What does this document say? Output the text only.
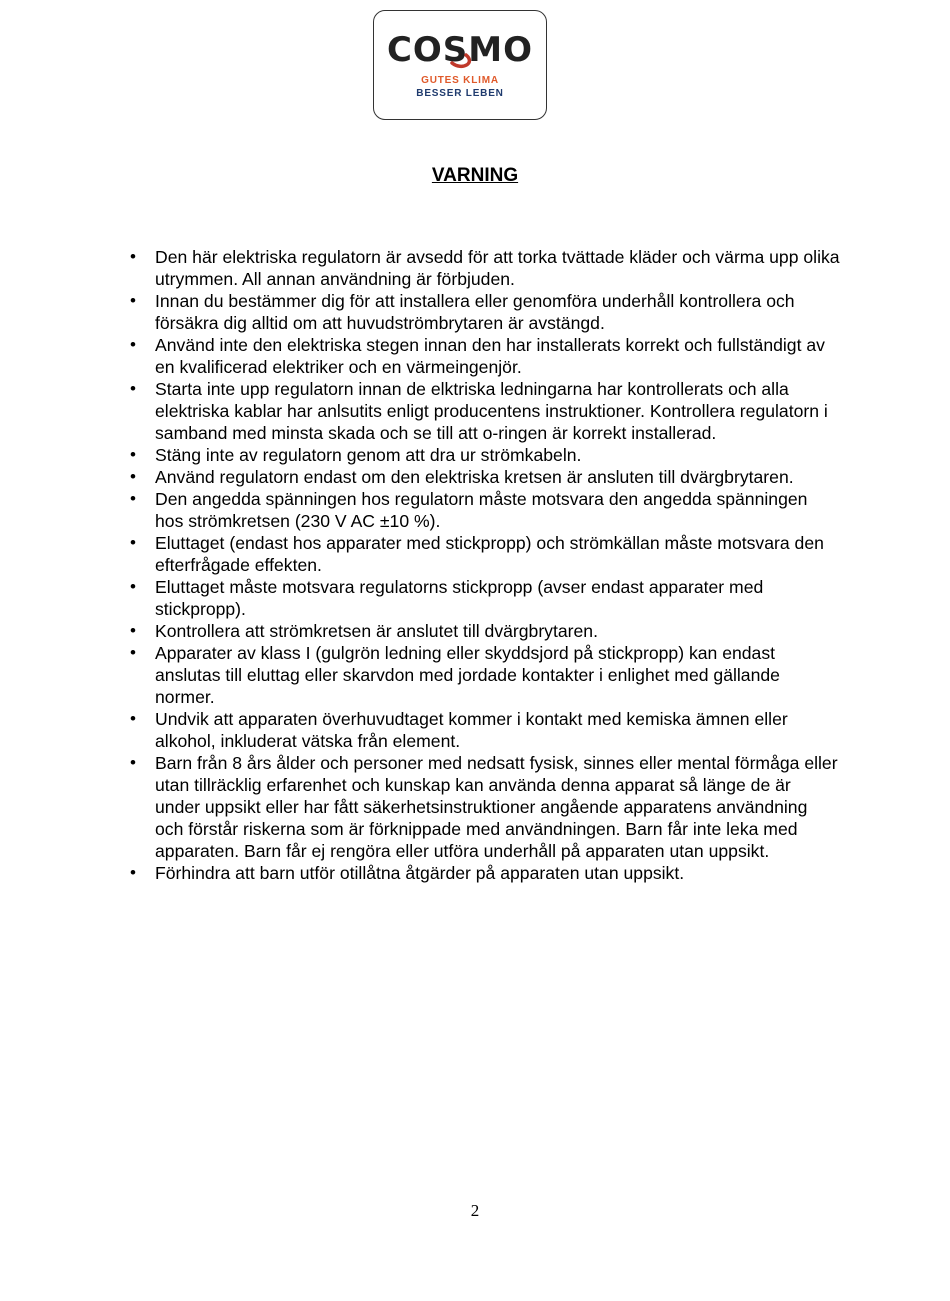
COSMO
GUTES KLIMA
BESSER LEBEN
VARNING
• Den här elektriska regulatorn är avsedd för att torka tvättade kläder och värma upp olika utrymmen. All annan användning är förbjuden.
• Innan du bestämmer dig för att installera eller genomföra underhåll kontrollera och försäkra dig alltid om att huvudströmbrytaren är avstängd.
• Använd inte den elektriska stegen innan den har installerats korrekt och fullständigt av en kvalificerad elektriker och en värmeingenjör.
• Starta inte upp regulatorn innan de elktriska ledningarna har kontrollerats och alla elektriska kablar har anlsutits enligt producentens instruktioner. Kontrollera regulatorn i samband med minsta skada och se till att o-ringen är korrekt installerad.
• Stäng inte av regulatorn genom att dra ur strömkabeln.
• Använd regulatorn endast om den elektriska kretsen är ansluten till dvärgbrytaren.
• Den angedda spänningen hos regulatorn måste motsvara den angedda spänningen hos strömkretsen (230 V AC ±10 %).
• Eluttaget (endast hos apparater med stickpropp) och strömkällan måste motsvara den efterfrågade effekten.
• Eluttaget måste motsvara regulatorns stickpropp (avser endast apparater med stickpropp).
• Kontrollera att strömkretsen är anslutet till dvärgbrytaren.
• Apparater av klass I (gulgrön ledning eller skyddsjord på stickpropp) kan endast anslutas till eluttag eller skarvdon med jordade kontakter i enlighet med gällande normer.
• Undvik att apparaten överhuvudtaget kommer i kontakt med kemiska ämnen eller alkohol, inkluderat vätska från element.
• Barn från 8 års ålder och personer med nedsatt fysisk, sinnes eller mental förmåga eller utan tillräcklig erfarenhet och kunskap kan använda denna apparat så länge de är under uppsikt eller har fått säkerhetsinstruktioner angående apparatens användning och förstår riskerna som är förknippade med användningen. Barn får inte leka med apparaten. Barn får ej rengöra eller utföra underhåll på apparaten utan uppsikt.
• Förhindra att barn utför otillåtna åtgärder på apparaten utan uppsikt.
2
